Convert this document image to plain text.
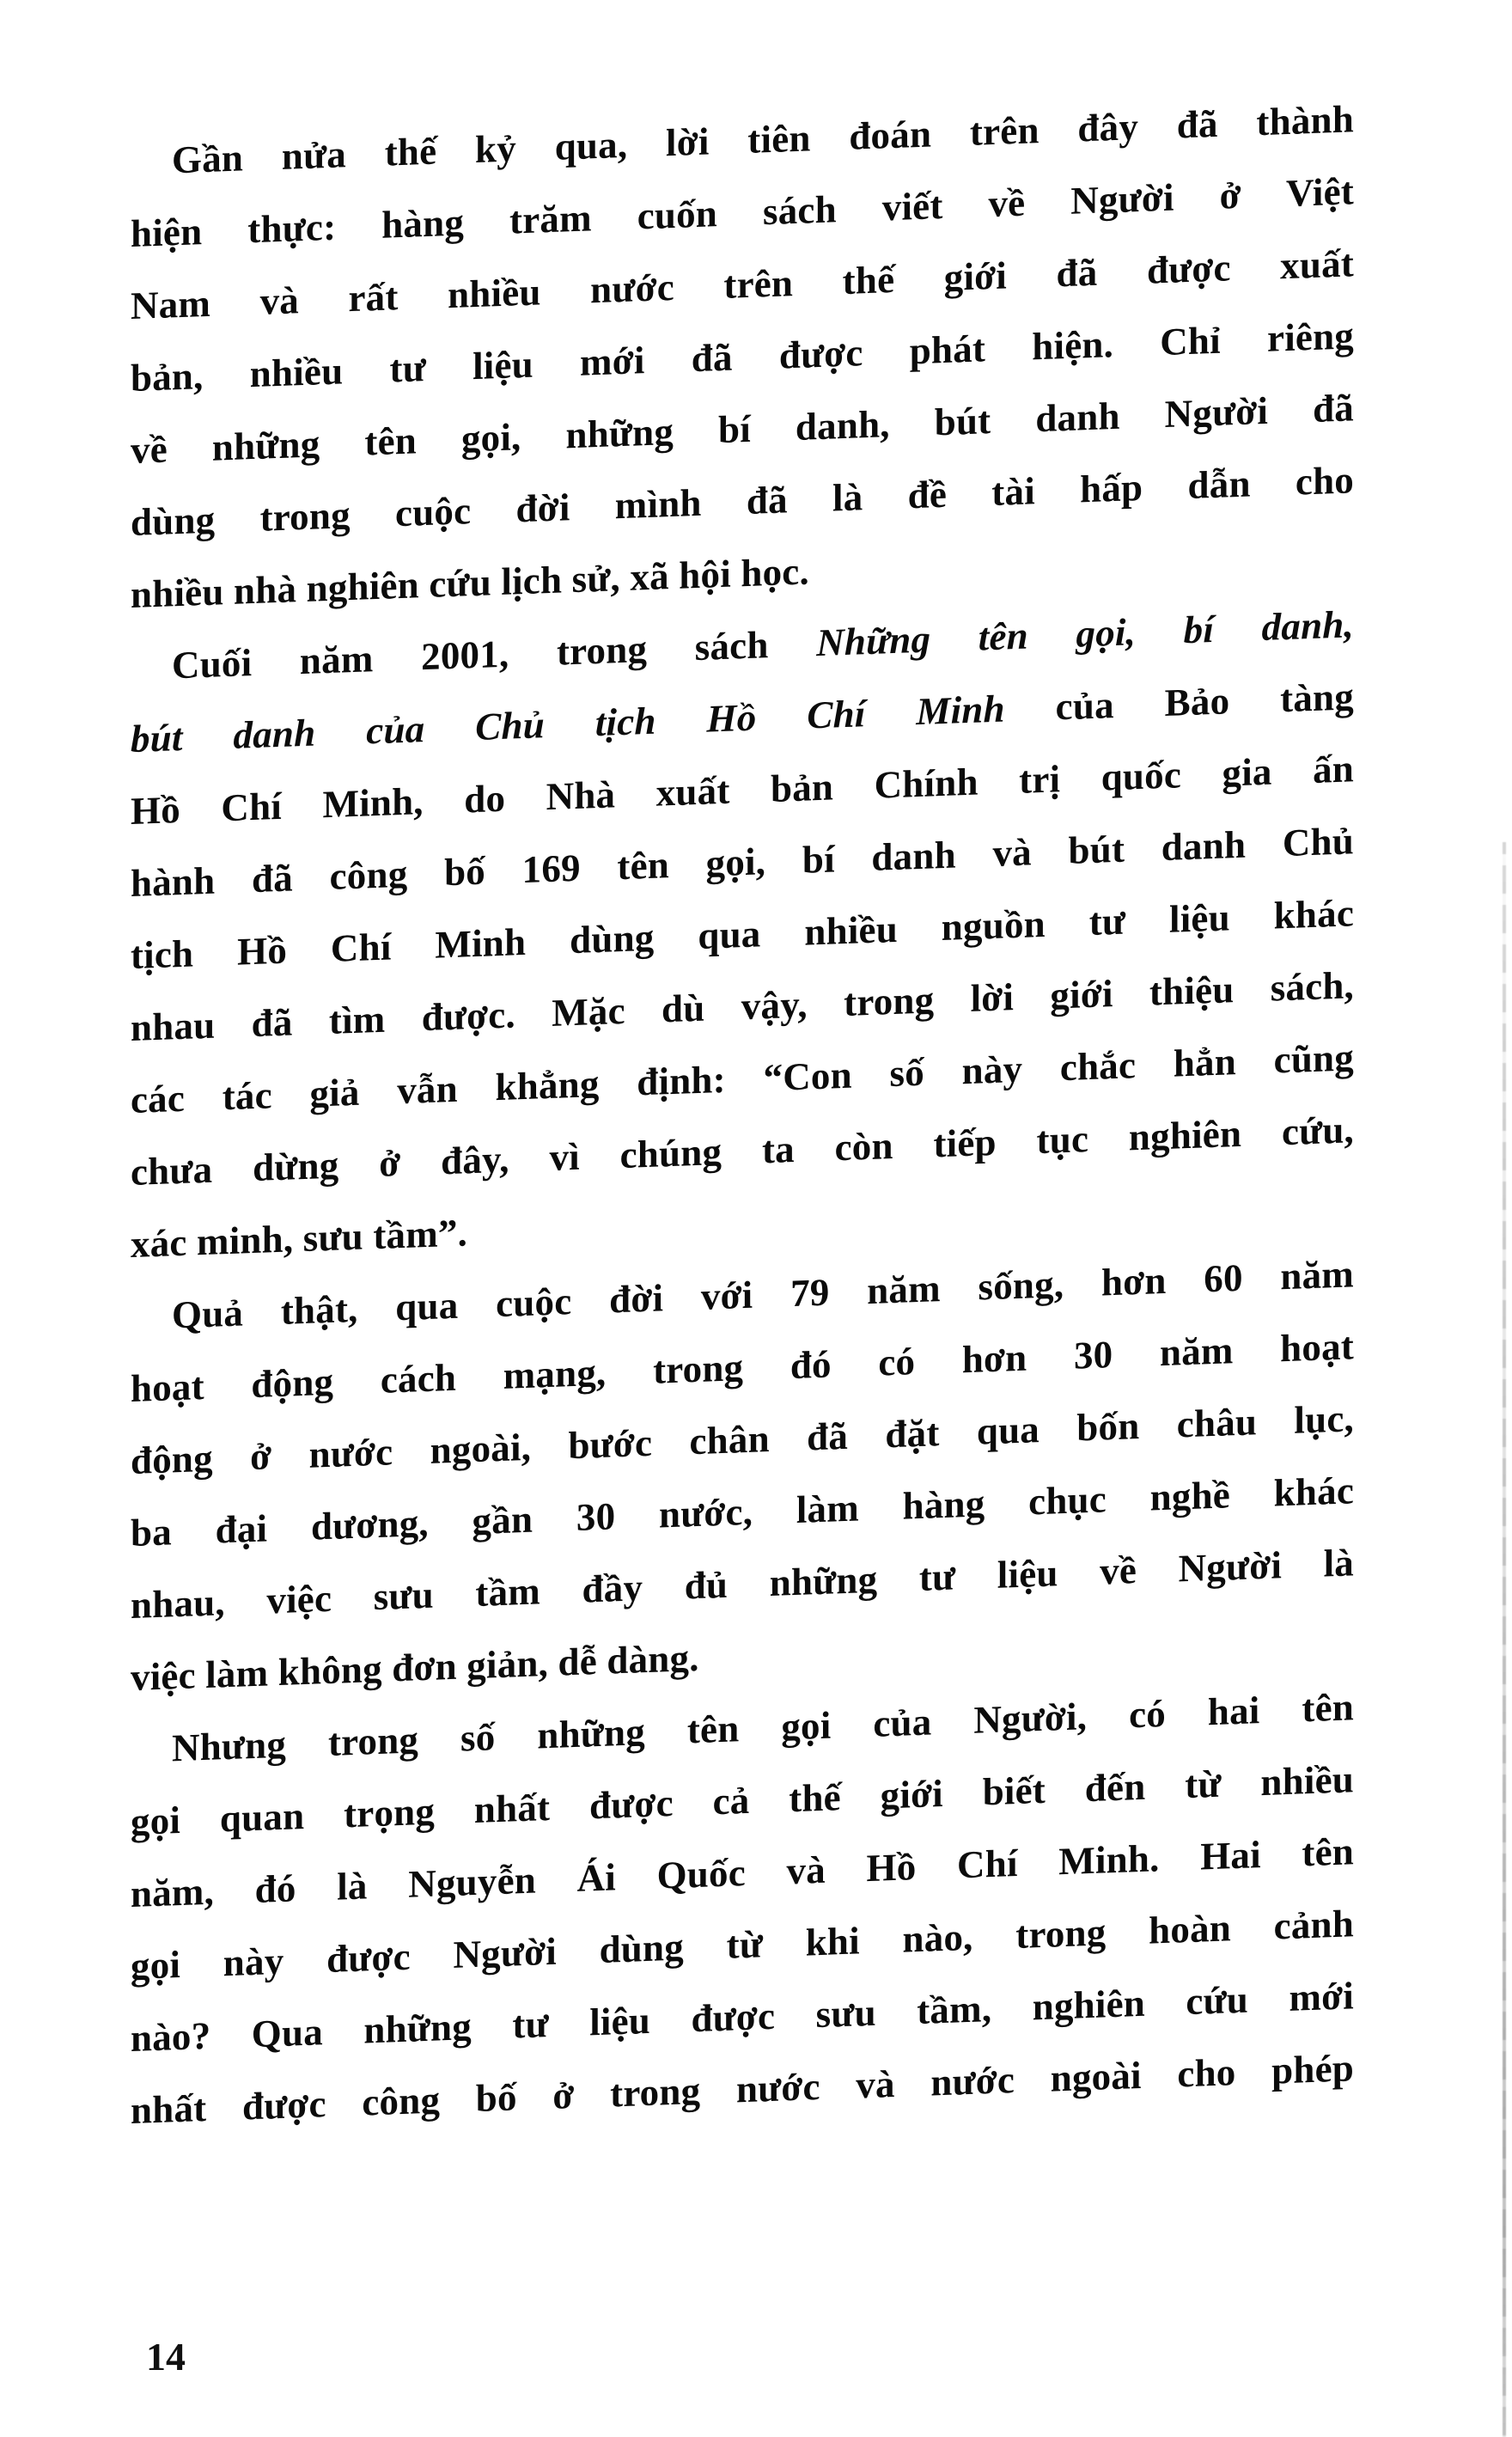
Gần nửa thế kỷ qua, lời tiên đoán trên đây đã thành
hiện thực: hàng trăm cuốn sách viết về Người ở Việt
Nam và rất nhiều nước trên thế giới đã được xuất
bản, nhiều tư liệu mới đã được phát hiện. Chỉ riêng
về những tên gọi, những bí danh, bút danh Người đã
dùng trong cuộc đời mình đã là đề tài hấp dẫn cho
nhiều nhà nghiên cứu lịch sử, xã hội học.

Cuối năm 2001, trong sách Những tên gọi, bí danh,
bút danh của Chủ tịch Hồ Chí Minh của Bảo tàng
Hồ Chí Minh, do Nhà xuất bản Chính trị quốc gia ấn
hành đã công bố 169 tên gọi, bí danh và bút danh Chủ
tịch Hồ Chí Minh dùng qua nhiều nguồn tư liệu khác
nhau đã tìm được. Mặc dù vậy, trong lời giới thiệu sách,
các tác giả vẫn khẳng định: “Con số này chắc hẳn cũng
chưa dừng ở đây, vì chúng ta còn tiếp tục nghiên cứu,
xác minh, sưu tầm”.

Quả thật, qua cuộc đời với 79 năm sống, hơn 60 năm
hoạt động cách mạng, trong đó có hơn 30 năm hoạt
động ở nước ngoài, bước chân đã đặt qua bốn châu lục,
ba đại dương, gần 30 nước, làm hàng chục nghề khác
nhau, việc sưu tầm đầy đủ những tư liệu về Người là
việc làm không đơn giản, dễ dàng.

Nhưng trong số những tên gọi của Người, có hai tên
gọi quan trọng nhất được cả thế giới biết đến từ nhiều
năm, đó là Nguyễn Ái Quốc và Hồ Chí Minh. Hai tên
gọi này được Người dùng từ khi nào, trong hoàn cảnh
nào? Qua những tư liệu được sưu tầm, nghiên cứu mới
nhất được công bố ở trong nước và nước ngoài cho phép

14
